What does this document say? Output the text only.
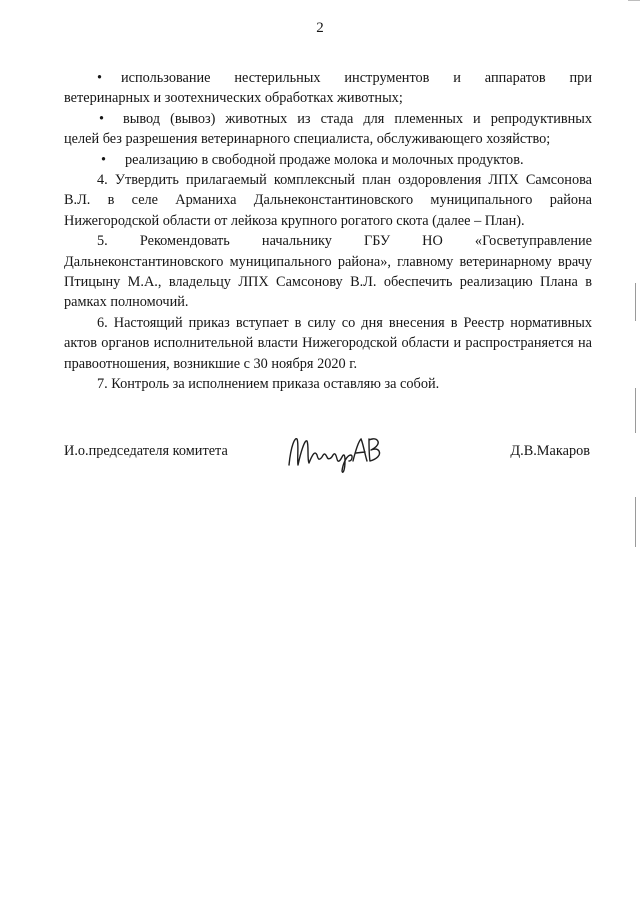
2

• использование нестерильных инструментов и аппаратов при
ветеринарных и зоотехнических обработках животных;

• вывод (вывоз) животных из стада для племенных и репродуктивных
целей без разрешения ветеринарного специалиста, обслуживающего хозяйство;

• реализацию в свободной продаже молока и молочных продуктов.

4. Утвердить прилагаемый комплексный план оздоровления ЛПХ Самсонова В.Л. в селе Арманиха Дальнеконстантиновского муниципального района Нижегородской области от лейкоза крупного рогатого скота (далее – План).

5. Рекомендовать начальнику ГБУ НО «Госветуправление Дальнеконстантиновского муниципального района», главному ветеринарному врачу Птицыну М.А., владельцу ЛПХ Самсонову В.Л. обеспечить реализацию Плана в рамках полномочий.

6. Настоящий приказ вступает в силу со дня внесения в Реестр нормативных актов органов исполнительной власти Нижегородской области и распространяется на правоотношения, возникшие с 30 ноября 2020 г.

7. Контроль за исполнением приказа оставляю за собой.

И.о.председателя комитета	Д.В.Макаров
